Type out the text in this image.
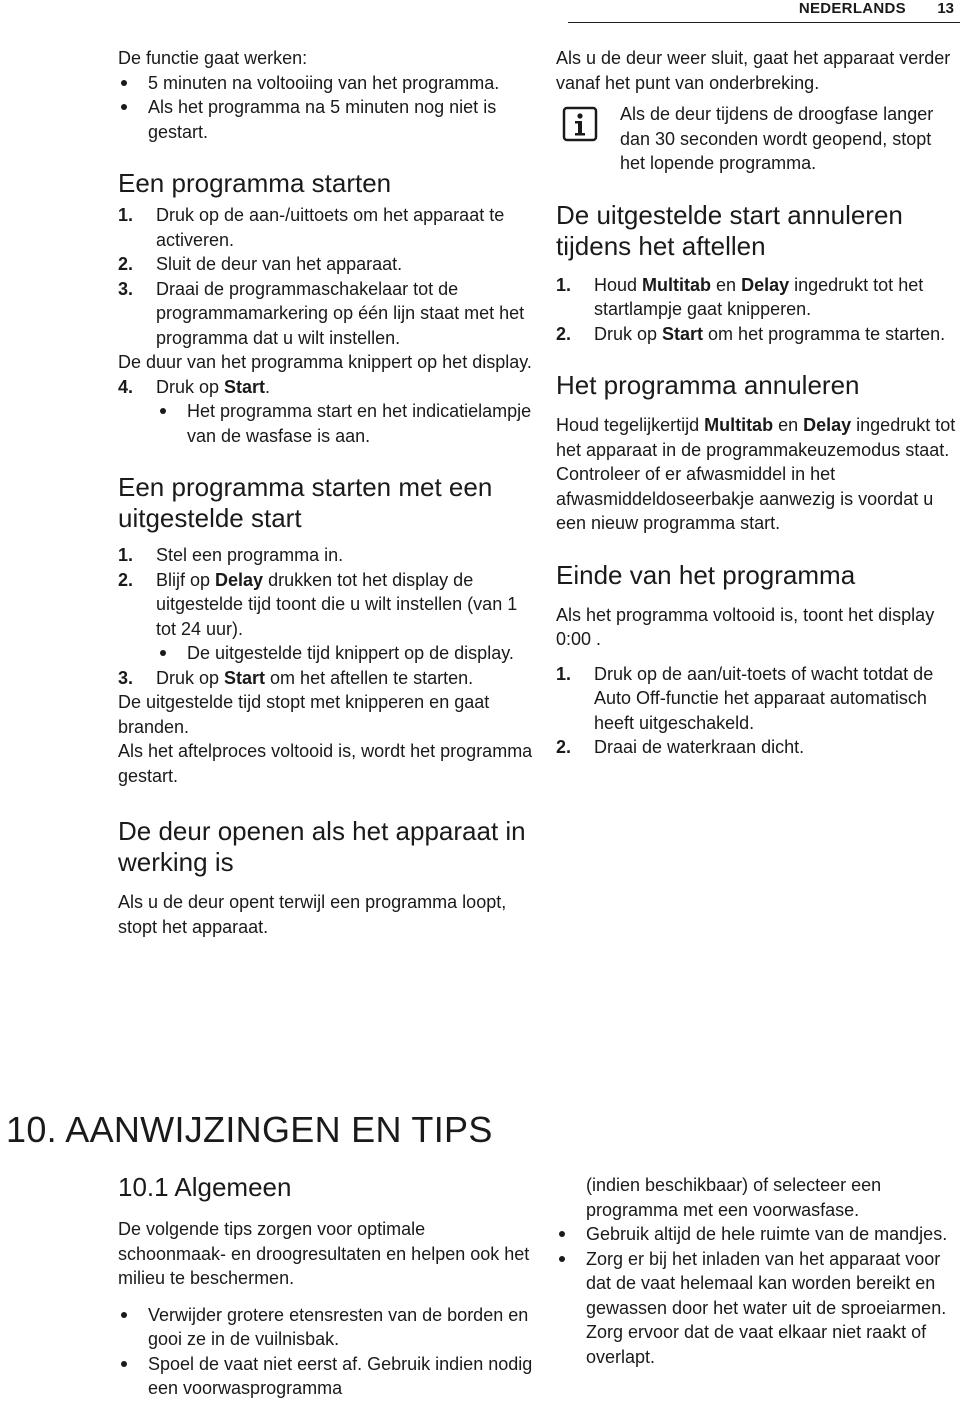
NEDERLANDS 13

De functie gaat werken:

5 minuten na voltooiing van het programma.
Als het programma na 5 minuten nog niet is gestart.
Een programma starten
1. Druk op de aan-/uittoets om het apparaat te activeren.
2. Sluit de deur van het apparaat.
3. Draai de programmaschakelaar tot de programmamarkering op één lijn staat met het programma dat u wilt instellen.

De duur van het programma knippert op het display.

4. Druk op Start.
Het programma start en het indicatielampje van de wasfase is aan.
Een programma starten met een uitgestelde start
1. Stel een programma in.
2. Blijf op Delay drukken tot het display de uitgestelde tijd toont die u wilt instellen (van 1 tot 24 uur).
De uitgestelde tijd knippert op de display.
3. Druk op Start om het aftellen te starten.

De uitgestelde tijd stopt met knipperen en gaat branden.

Als het aftelproces voltooid is, wordt het programma gestart.

De deur openen als het apparaat in werking is

Als u de deur opent terwijl een programma loopt, stopt het apparaat.

Als u de deur weer sluit, gaat het apparaat verder vanaf het punt van onderbreking.

Als de deur tijdens de droogfase langer dan 30 seconden wordt geopend, stopt het lopende programma.

De uitgestelde start annuleren tijdens het aftellen
1. Houd Multitab en Delay ingedrukt tot het startlampje gaat knipperen.
2. Druk op Start om het programma te starten.
Het programma annuleren

Houd tegelijkertijd Multitab en Delay ingedrukt tot het apparaat in de programmakeuzemodus staat.

Controleer of er afwasmiddel in het afwasmiddeldoseerbakje aanwezig is voordat u een nieuw programma start.

Einde van het programma

Als het programma voltooid is, toont het display 0:00 .

1. Druk op de aan/uit-toets of wacht totdat de Auto Off-functie het apparaat automatisch heeft uitgeschakeld.
2. Draai de waterkraan dicht.
10. AANWIJZINGEN EN TIPS
10.1 Algemeen

De volgende tips zorgen voor optimale schoonmaak- en droogresultaten en helpen ook het milieu te beschermen.

Verwijder grotere etensresten van de borden en gooi ze in de vuilnisbak.
Spoel de vaat niet eerst af. Gebruik indien nodig een voorwasprogramma

(indien beschikbaar) of selecteer een programma met een voorwasfase.

Gebruik altijd de hele ruimte van de mandjes.
Zorg er bij het inladen van het apparaat voor dat de vaat helemaal kan worden bereikt en gewassen door het water uit de sproeiarmen. Zorg ervoor dat de vaat elkaar niet raakt of overlapt.
